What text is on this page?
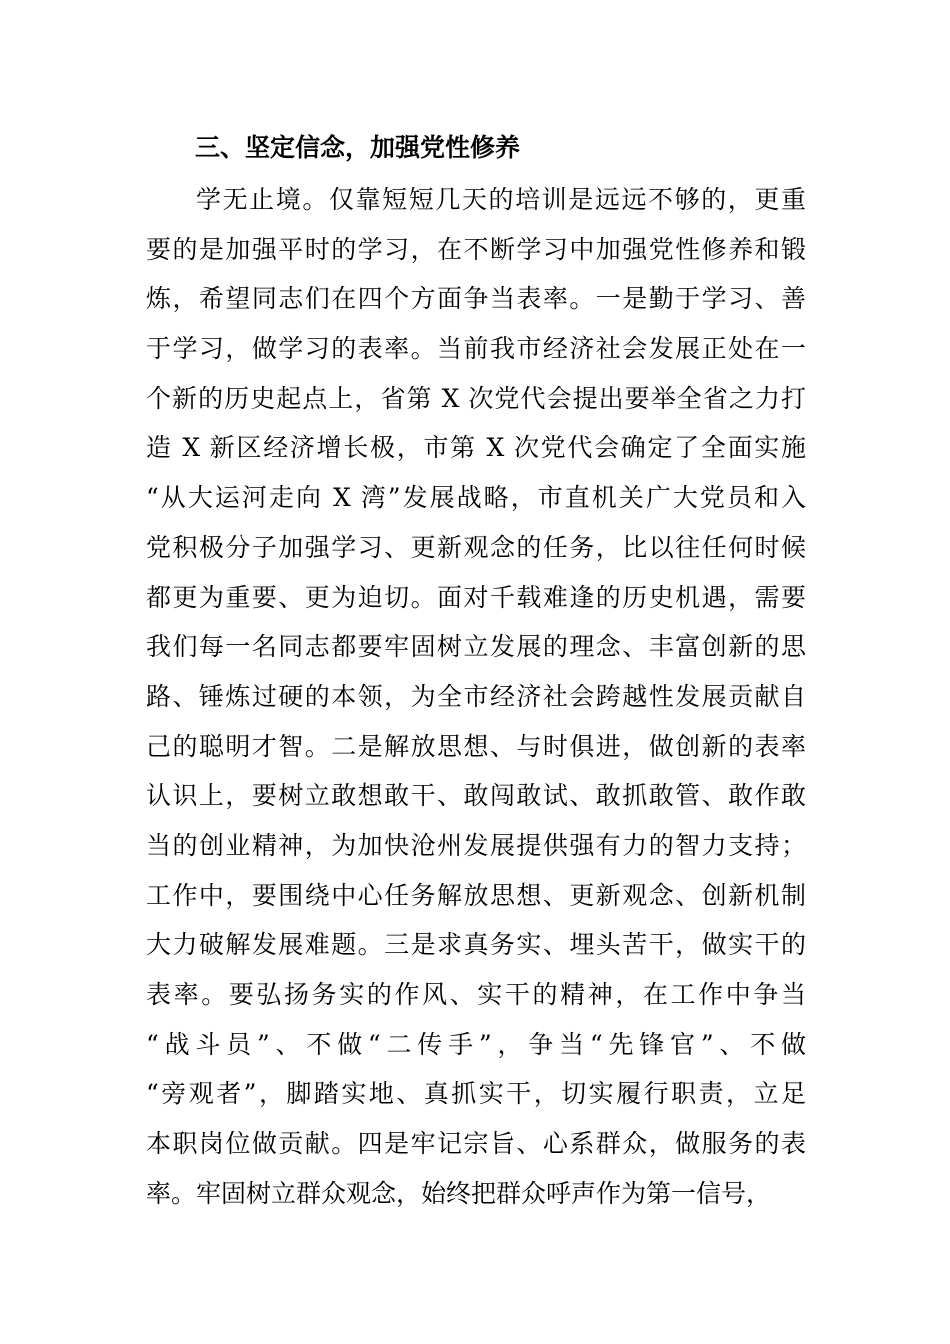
三、坚定信念，加强党性修养
学无止境。仅靠短短几天的培训是远远不够的，更重
要的是加强平时的学习，在不断学习中加强党性修养和锻
炼，希望同志们在四个方面争当表率。一是勤于学习、善
于学习，做学习的表率。当前我市经济社会发展正处在一
个新的历史起点上，省第 X 次党代会提出要举全省之力打
造 X 新区经济增长极，市第 X 次党代会确定了全面实施
“从大运河走向 X 湾”发展战略，市直机关广大党员和入
党积极分子加强学习、更新观念的任务，比以往任何时候
都更为重要、更为迫切。面对千载难逢的历史机遇，需要
我们每一名同志都要牢固树立发展的理念、丰富创新的思
路、锤炼过硬的本领，为全市经济社会跨越性发展贡献自
己的聪明才智。二是解放思想、与时俱进，做创新的表率
认识上，要树立敢想敢干、敢闯敢试、敢抓敢管、敢作敢
当的创业精神，为加快沧州发展提供强有力的智力支持；
工作中，要围绕中心任务解放思想、更新观念、创新机制
大力破解发展难题。三是求真务实、埋头苦干，做实干的
表率。要弘扬务实的作风、实干的精神，在工作中争当
“战斗员”、不做“二传手”，争当“先锋官”、不做
“旁观者”，脚踏实地、真抓实干，切实履行职责，立足
本职岗位做贡献。四是牢记宗旨、心系群众，做服务的表
率。牢固树立群众观念，始终把群众呼声作为第一信号，
